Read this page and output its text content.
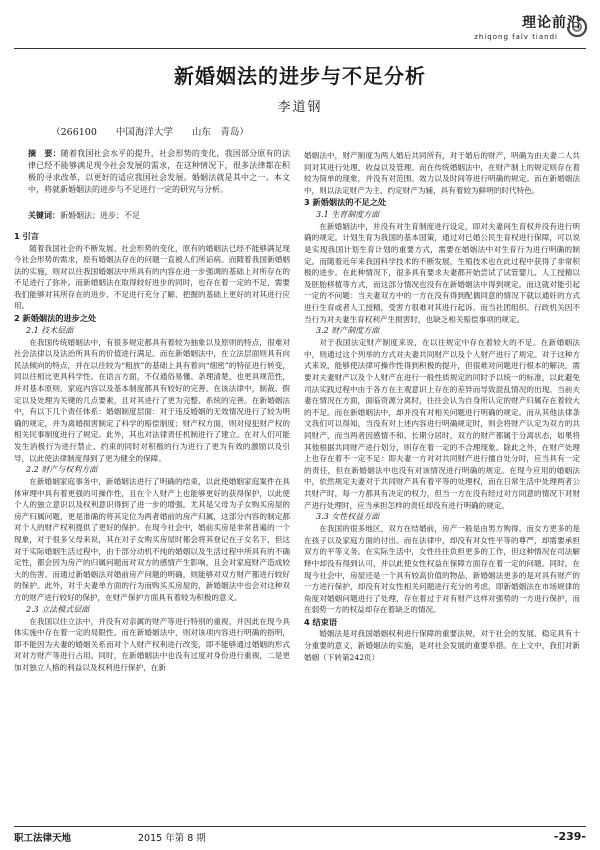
理论前沿
zhiqong falv tiandi
新婚姻法的进步与不足分析
李道钢
（266100　　中国海洋大学　　山东　青岛）
摘　要：随着我国社会水平的提升，社会形势的变化，我国部分原有的法律已经不能够满足现今社会发展的需求，在这种情况下，很多法律都在积极的寻求改革，以更好的适应我国社会发展。婚姻法就是其中之一。本文中，将就新婚姻法的进步与不足进行一定的研究与分析。
关键词：新婚姻法；进步；不足
1 引言

随着我国社会的不断发展、社会形势的变化，原有的婚姻法已经不能够满足现今社会形势的需求，原有婚姻法存在的问题一直被人们所诟病。而随着我国新婚姻法的实施，则对以往我国婚姻法中所具有的内容在进一步强调的基础上对所存在的不足进行了弥补。而新婚姻法在取得较好进步的同时，也存在着一定的不足，需要我们能够对其所存在的进步、不足进行充分了解、把握的基础上更好的对其进行应用。

2 新婚姻法的进步之处
2.1 技术层面

在我国传统婚姻法中，有很多规定都具有着较为抽象以及原则的特点，很难对社会法律以及法治所具有的价值进行满足。而在新婚姻法中，在立法层面则具有向民法倾向的特点，并在以往较为“粗放”的基础上具有着向“细密”的特征进行转变，同以往相比更具科学性。在语言方面，不仅通俗易懂、条理清楚，也更具规范性，并对基本原则、家庭内容以及基本制度都具有较好的完善。在该法律中，制裁、假定以及处理为关键的几点要素，且对其进行了更为完整、系统的完善。在新婚姻法中，有以下几个责任体系：婚姻制度层面：对于违反婚姻的无效情况进行了较为明确的规定，并为离婚损害制定了科学的赔偿制度；财产权方面，则对侵犯财产权的相关民事制度进行了规定。此外，其也对法律责任机制进行了建立。在对人们可能发生消极行为进行禁止、约束的同时对积极的行为进行了更为有效的激励以及引导，以此使法律制度得到了更为健全的保障。

2.2 财产与权利方面

在新婚姻家庭事务中，新婚姻法进行了明确的结束，以此使婚姻家庭案件在具体审理中具有着更强的可操作性，且在个人财产上也能够更好的获得保护，以此使个人的独立意识以及权利意识得到了进一步的增强。尤其是父母为子女购买房屋的房产归属问题，更是准确的将其定位为两者婚前的房产归属，这部分内容的制定都对个人的财产权利提供了更好的保护。在现今社会中，婚前买房是非常普遍的一个现象，对于很多父母来说，其在对子女购买房屋时都会将其登记在子女名下，但这对于实际婚姻生活过程中，由于部分动机不纯的婚姻以及生活过程中所具有的不确定性，都会因为房产的归属问题而对双方的感情产生影响，且会对家庭财产造成较大的伤害。而通过新婚姻法对婚前房产问题的明确，则能够对双方财产都进行较好的保护。此外，对于夫妻单方面的行为而购买买房屋的，新婚姻法中也会对这种双方的财产进行较好的保护，在财产保护方面具有着较为积极的意义。

2.3 立法模式层面

在我国以往立法中，并没有对亲属的财产等进行特别的重视，并因此在现今具体实施中存在着一定的局限性。而在新婚姻法中，则对该项内容进行明确的指明，即不能因为夫妻的婚姻关系而对个人财产权利进行改变，即不能够通过婚姻的形式对对方财产等进行占用。同时，在新婚姻法中也没有过度对身份进行重视，二是更加对独立人格的利益以及权利进行保护，在新

婚姻法中，财产制度为两人婚后共同所有，对于婚后的财产，明确为由夫妻二人共同对其进行处理、收益以及管理。而在传统婚姻法中，在财产制上的规定则存在着较为简单的现象，并没有对范围、效力以及时间等进行明确的规定。而在新婚姻法中，则以法定财产为主、约定财产为辅，具有着较为鲜明的时代特色。

3 新婚姻法的不足之处
3.1 生育制度方面

在新婚姻法中，并没有对生育制度进行设定，即对夫妻间生育权并没有进行明确的规定。计划生育为我国的基本国策，通过对已婚公民生育权进行保障，可以说是实现我国计划生育计划的重要方式，需要在婚姻法中对生育行为进行明确的制定。而随着近年来我国科学技术的不断发展，生殖技术也在此过程中获得了非常积极的进步。在此种情况下，很多具有要求夫妻都开始尝试了试管婴儿、人工授精以及胚胎移植等方式，而这部分情况也没有在新婚姻法中得到规定。而这就对能引起一定的不问题：当夫妻双方中的一方在没有得到配偶同意的情况下就以通奸的方式进行生育或者人工授精，受害方很难对其进行起诉。而当社团组织、行政机关因不当行为对夫妻生育权利产生损害时，也缺乏相关赔偿事项的规定。

3.2 财产制度方面

对于我国法定财产制度来说，在以往规定中存在着较大的不足。在新婚姻法中，则通过这个列举的方式对夫妻共同财产以及个人财产进行了规定。对于这种方式来说，能够使法律可操作性得到积极的提升，但很难对问题进行根本的解决，需要对夫妻财产以及个人财产在进行一般性质规定的同时予以统一的标准，以此避免司法实践过程中由于各方在主观意识上存在的差异而导致混乱情况的出现。当前夫妻在情况在方面，面临资源分离时，往往会认为自身所认定的财产归属存在着较大的不足。而在新婚姻法中，却并没有对相关问题进行明确的规定。而从其他法律条文我们可以得知，当没有对上述内容进行明确规定时，则会将财产认定为双方的共同财产，而当两者因感情不和、长期分居时，双方的财产都属于分离状态，如果将其他根据共同财产进行划分，则存在着一定的不合理现象。除此之外，在财产处理上也存在着不一定不足：即夫妻一方对对共同财产进行擅自处分时，应当具有一定的责任，但在新婚姻法中也没有对该情况进行明确的规定。在现今应用的婚姻法中，依然规定夫妻对于共同财产具有着平等的处理权，而在日常生活中处理两者公共财产时，每一方都具有决定的权力，但当一方在没有经过对方同意的情况下对财产进行处理时，应当承担怎样的责任却没有进行明确的规定。

3.3 女性权益方面

在我国的很多地区，双方在结婚前，房产一般是由男方购得，而女方更多的是在孩子以及家庭方面的付出。而在法律中，却没有对女性平等的尊严，却需要承担双方的平等义务。在实际生活中，女性往往负担更多的工作，但这种情况在司法解释中却没有得到认可，并以此使女性权益在保障方面存在着一定的问题。同时，在现今社会中，房屋还是一个具有较高价值的物品，新婚姻法更多的是对具有财产的一方进行保护，却没有对女性相关问题进行充分的考虑，即新婚姻法在市场规律的角度对婚姻问题进行了处理，存在着过于对有财产这样对强势的一方进行保护，而在弱势一方的权益却存在着缺乏的情况。

4 结束语

婚姻法是对我国婚姻权利进行保障的重要法规，对于社会的发展、稳定具有十分重要的意义，新婚姻法的实施，是对社会发展的重要举措。在上文中，我们对新婚姻（下转第242页）

职工法律天地	2015 年第 8 期	-239-
